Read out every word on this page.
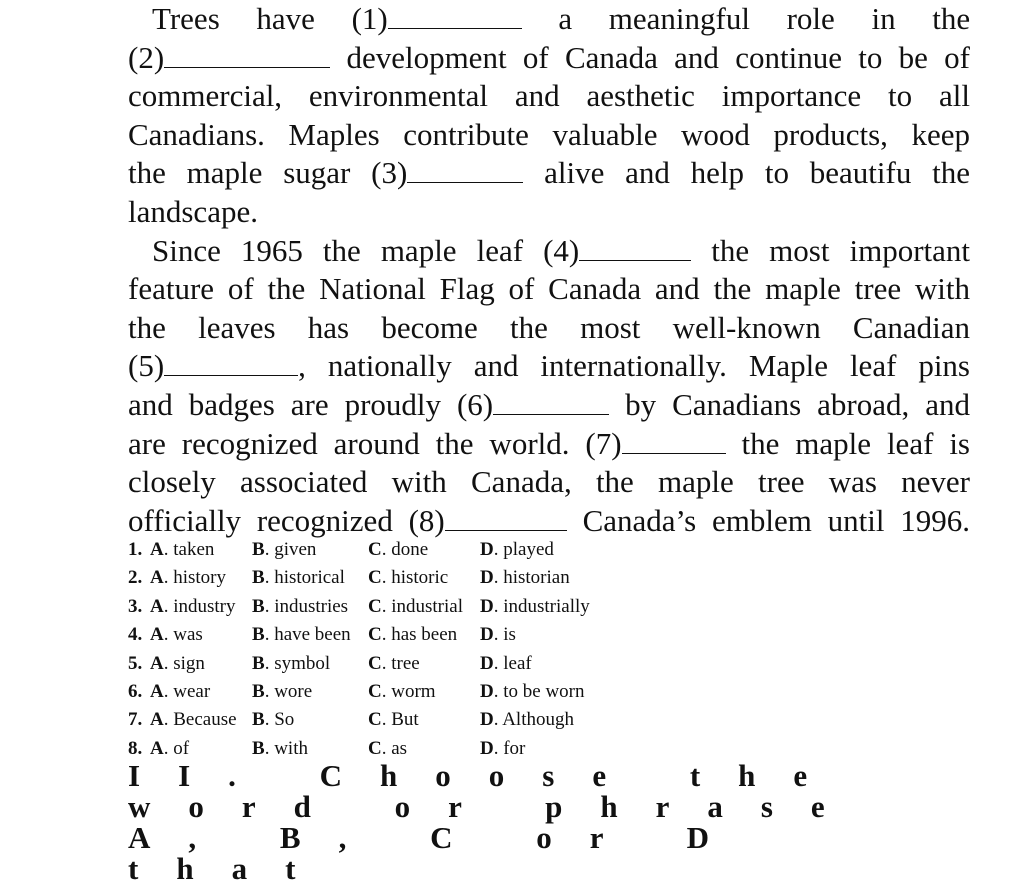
Trees have (1)	a meaningful role in the
(2)	development of Canada and continue to be of
commercial, environmental and aesthetic importance to all
Canadians. Maples contribute valuable wood products, keep
the maple sugar (3)	alive and help to beautifu the
landscape.
Since 1965 the maple leaf (4)	the most important
feature of the National Flag of Canada and the maple tree with
the leaves has become the most well-known Canadian
(5)	, nationally and internationally. Maple leaf pins
and badges are proudly (6)	by Canadians abroad, and
are recognized around the world. (7)	the maple leaf is
closely associated with Canada, the maple tree was never
officially recognized (8)	Canada’s emblem until 1996.
1. A. taken B. given	C. done	D. played
2. A. history B. historical C. historic D. historian
3. A. industry B. industries C. industrial D. industrially
4. A. was	B. have been C. has been D. is
5. A. sign B. symbol C. tree	D. leaf
6. A. wear B. wore	C. worm D. to be worn
7. A. Because B. So	C. But	D. Although
8. A. of	B. with	C. as	D. for
II. Choose the word or phrase A, B, C or D that
